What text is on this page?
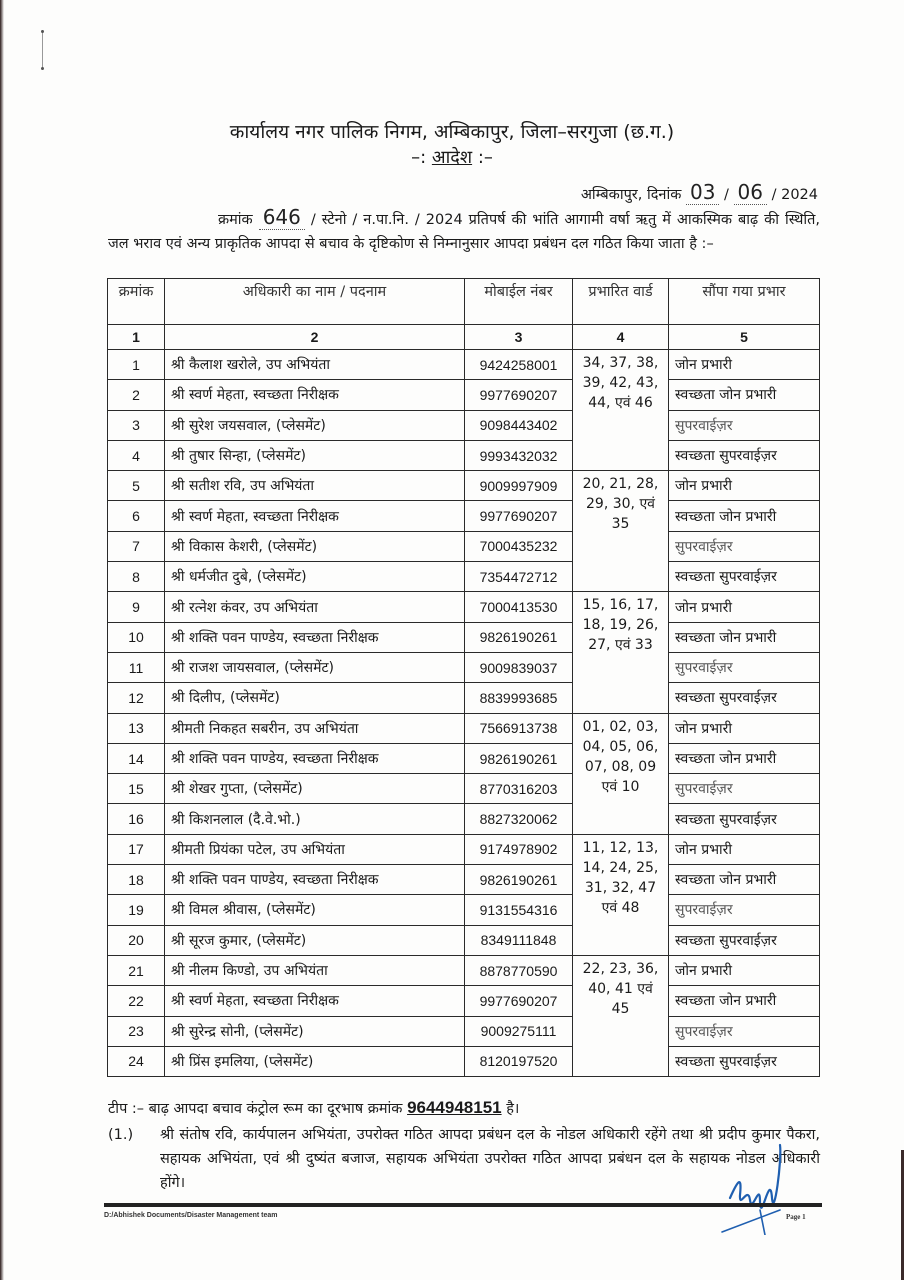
कार्यालय नगर पालिक निगम, अम्बिकापुर, जिला–सरगुजा (छ.ग.)
–: आदेश :–
अम्बिकापुर, दिनांक 03 / 06 / 2024
क्रमांक 646 / स्टेनो / न.पा.नि. / 2024 प्रतिपर्ष की भांति आगामी वर्षा ऋतु में आकस्मिक बाढ़ की स्थिति, जल भराव एवं अन्य प्राकृतिक आपदा से बचाव के दृष्टिकोण से निम्नानुसार आपदा प्रबंधन दल गठित किया जाता है :–
क्रमांक	अधिकारी का नाम / पदनाम	मोबाईल नंबर	प्रभारित वार्ड	सौंपा गया प्रभार
1	2	3	4	5
1	श्री कैलाश खरोले, उप अभियंता	9424258001	34, 37, 38, 39, 42, 43, 44, एवं 46	जोन प्रभारी
2	श्री स्वर्ण मेहता, स्वच्छता निरीक्षक	9977690207		स्वच्छता जोन प्रभारी
3	श्री सुरेश जयसवाल, (प्लेसमेंट)	9098443402		सुपरवाईज़र
4	श्री तुषार सिन्हा, (प्लेसमेंट)	9993432032		स्वच्छता सुपरवाईज़र
5	श्री सतीश रवि, उप अभियंता	9009997909	20, 21, 28, 29, 30, एवं 35	जोन प्रभारी
6	श्री स्वर्ण मेहता, स्वच्छता निरीक्षक	9977690207		स्वच्छता जोन प्रभारी
7	श्री विकास केशरी, (प्लेसमेंट)	7000435232		सुपरवाईज़र
8	श्री धर्मजीत दुबे, (प्लेसमेंट)	7354472712		स्वच्छता सुपरवाईज़र
9	श्री रत्नेश कंवर, उप अभियंता	7000413530	15, 16, 17, 18, 19, 26, 27, एवं 33	जोन प्रभारी
10	श्री शक्ति पवन पाण्डेय, स्वच्छता निरीक्षक	9826190261		स्वच्छता जोन प्रभारी
11	श्री राजश जायसवाल, (प्लेसमेंट)	9009839037		सुपरवाईज़र
12	श्री दिलीप, (प्लेसमेंट)	8839993685		स्वच्छता सुपरवाईज़र
13	श्रीमती निकहत सबरीन, उप अभियंता	7566913738	01, 02, 03, 04, 05, 06, 07, 08, 09 एवं 10	जोन प्रभारी
14	श्री शक्ति पवन पाण्डेय, स्वच्छता निरीक्षक	9826190261		स्वच्छता जोन प्रभारी
15	श्री शेखर गुप्ता, (प्लेसमेंट)	8770316203		सुपरवाईज़र
16	श्री किशनलाल (दै.वे.भो.)	8827320062		स्वच्छता सुपरवाईज़र
17	श्रीमती प्रियंका पटेल, उप अभियंता	9174978902	11, 12, 13, 14, 24, 25, 31, 32, 47 एवं 48	जोन प्रभारी
18	श्री शक्ति पवन पाण्डेय, स्वच्छता निरीक्षक	9826190261		स्वच्छता जोन प्रभारी
19	श्री विमल श्रीवास, (प्लेसमेंट)	9131554316		सुपरवाईज़र
20	श्री सूरज कुमार, (प्लेसमेंट)	8349111848		स्वच्छता सुपरवाईज़र
21	श्री नीलम किण्डो, उप अभियंता	8878770590	22, 23, 36, 40, 41 एवं 45	जोन प्रभारी
22	श्री स्वर्ण मेहता, स्वच्छता निरीक्षक	9977690207		स्वच्छता जोन प्रभारी
23	श्री सुरेन्द्र सोनी, (प्लेसमेंट)	9009275111		सुपरवाईज़र
24	श्री प्रिंस इमलिया, (प्लेसमेंट)	8120197520		स्वच्छता सुपरवाईज़र
टीप :– बाढ़ आपदा बचाव कंट्रोल रूम का दूरभाष क्रमांक 9644948151 है।
(1.) श्री संतोष रवि, कार्यपालन अभियंता, उपरोक्त गठित आपदा प्रबंधन दल के नोडल अधिकारी रहेंगे तथा श्री प्रदीप कुमार पैकरा, सहायक अभियंता, एवं श्री दुष्यंत बजाज, सहायक अभियंता उपरोक्त गठित आपदा प्रबंधन दल के सहायक नोडल अधिकारी होंगे।
D:/Abhishek Documents/Disaster Management team	Page 1
